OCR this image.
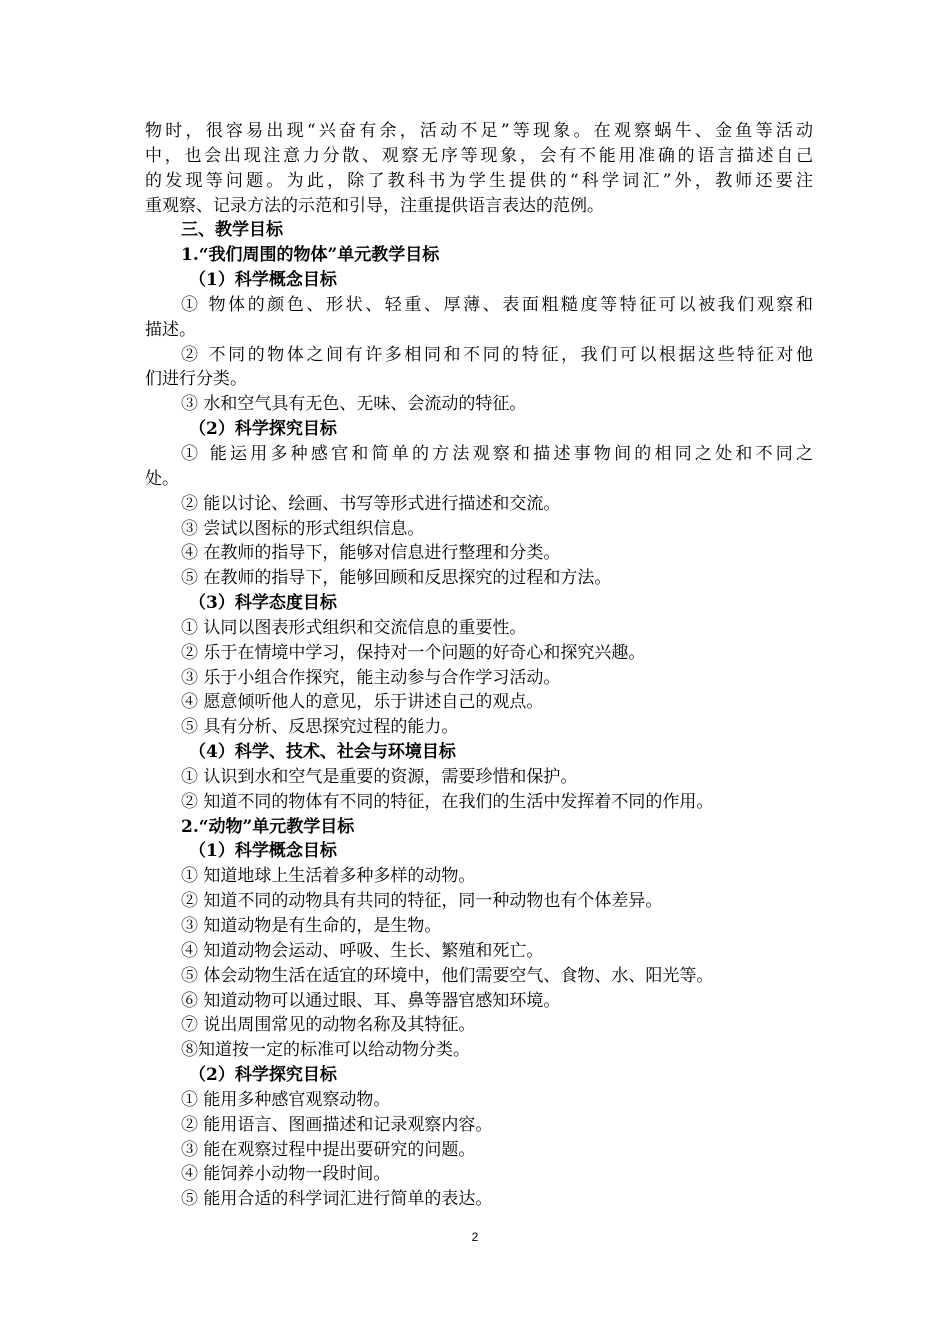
物时，很容易出现“兴奋有余，活动不足”等现象。在观察蜗牛、金鱼等活动
中，也会出现注意力分散、观察无序等现象，会有不能用准确的语言描述自己
的发现等问题。为此，除了教科书为学生提供的“科学词汇”外，教师还要注
重观察、记录方法的示范和引导，注重提供语言表达的范例。
三、教学目标
1.“我们周围的物体”单元教学目标
（1）科学概念目标
① 物体的颜色、形状、轻重、厚薄、表面粗糙度等特征可以被我们观察和
描述。
② 不同的物体之间有许多相同和不同的特征，我们可以根据这些特征对他
们进行分类。
③ 水和空气具有无色、无味、会流动的特征。
（2）科学探究目标
① 能运用多种感官和简单的方法观察和描述事物间的相同之处和不同之
处。
② 能以讨论、绘画、书写等形式进行描述和交流。
③ 尝试以图标的形式组织信息。
④ 在教师的指导下，能够对信息进行整理和分类。
⑤ 在教师的指导下，能够回顾和反思探究的过程和方法。
（3）科学态度目标
① 认同以图表形式组织和交流信息的重要性。
② 乐于在情境中学习，保持对一个问题的好奇心和探究兴趣。
③ 乐于小组合作探究，能主动参与合作学习活动。
④ 愿意倾听他人的意见，乐于讲述自己的观点。
⑤ 具有分析、反思探究过程的能力。
（4）科学、技术、社会与环境目标
① 认识到水和空气是重要的资源，需要珍惜和保护。
② 知道不同的物体有不同的特征，在我们的生活中发挥着不同的作用。
2.“动物”单元教学目标
（1）科学概念目标
① 知道地球上生活着多种多样的动物。
② 知道不同的动物具有共同的特征，同一种动物也有个体差异。
③ 知道动物是有生命的，是生物。
④ 知道动物会运动、呼吸、生长、繁殖和死亡。
⑤ 体会动物生活在适宜的环境中，他们需要空气、食物、水、阳光等。
⑥ 知道动物可以通过眼、耳、鼻等器官感知环境。
⑦ 说出周围常见的动物名称及其特征。
⑧知道按一定的标准可以给动物分类。
（2）科学探究目标
① 能用多种感官观察动物。
② 能用语言、图画描述和记录观察内容。
③ 能在观察过程中提出要研究的问题。
④ 能饲养小动物一段时间。
⑤ 能用合适的科学词汇进行简单的表达。
2
